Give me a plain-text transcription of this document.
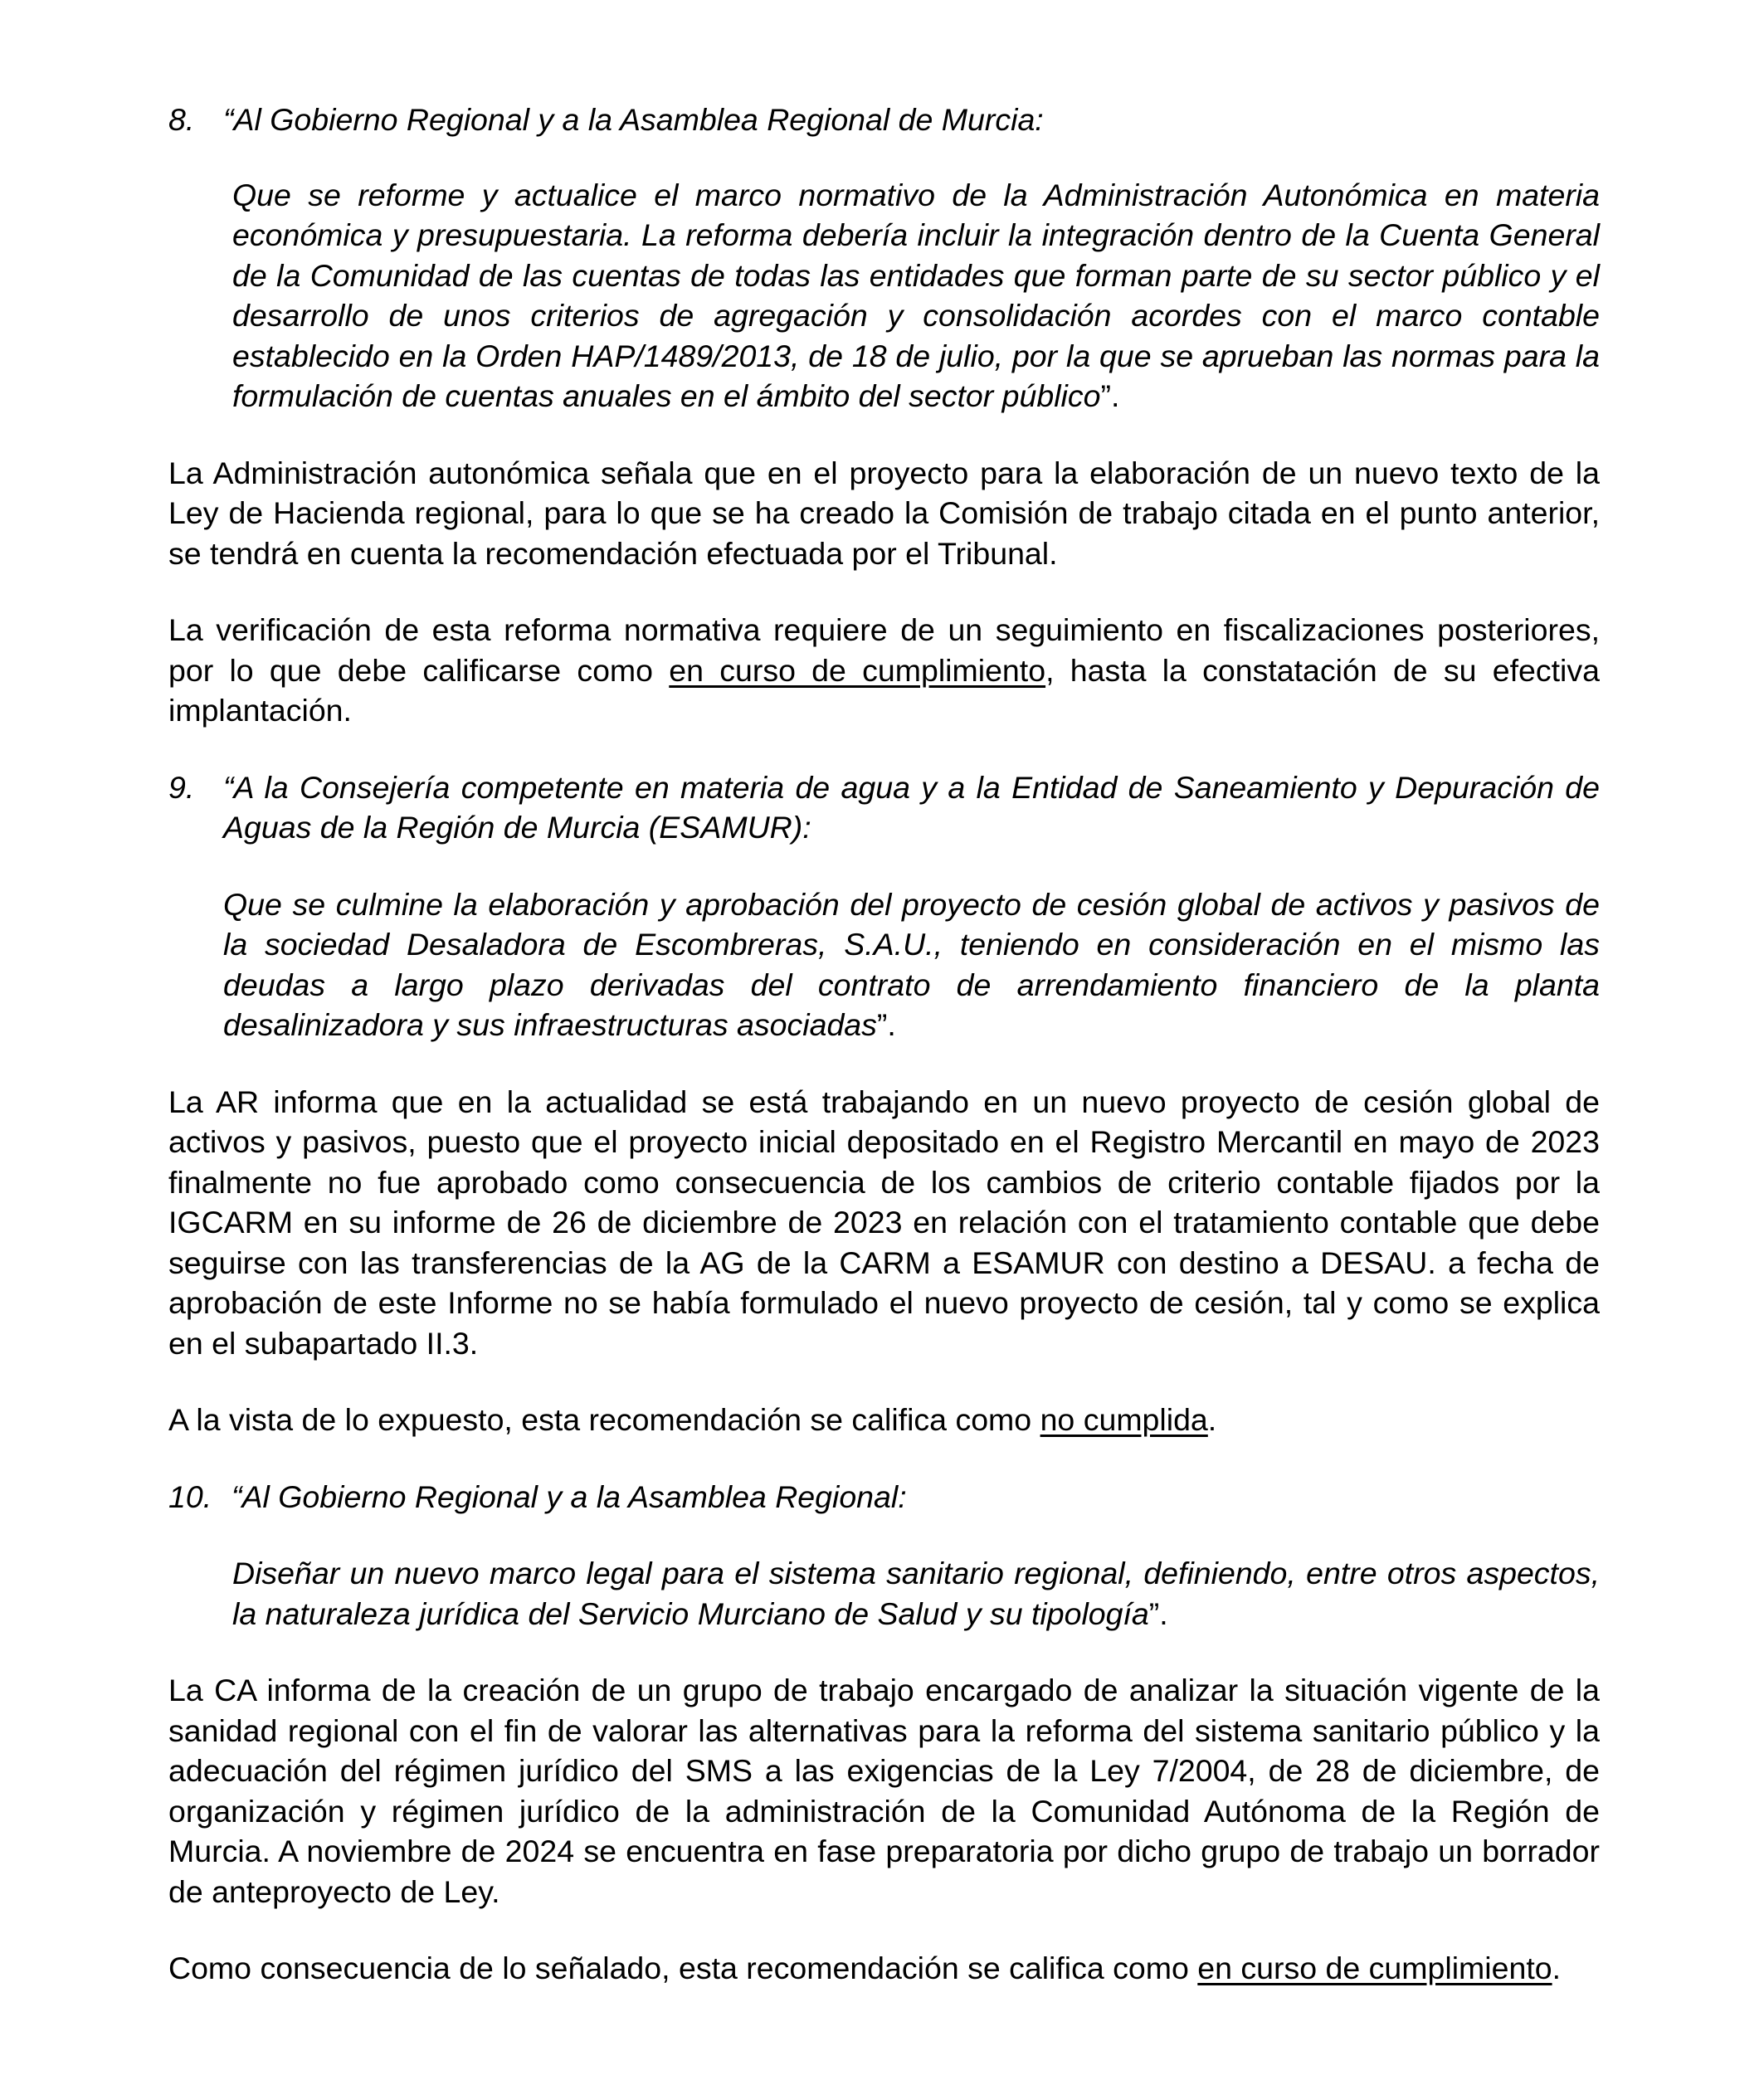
8. “Al Gobierno Regional y a la Asamblea Regional de Murcia:

Que se reforme y actualice el marco normativo de la Administración Autonómica en materia económica y presupuestaria. La reforma debería incluir la integración dentro de la Cuenta General de la Comunidad de las cuentas de todas las entidades que forman parte de su sector público y el desarrollo de unos criterios de agregación y consolidación acordes con el marco contable establecido en la Orden HAP/1489/2013, de 18 de julio, por la que se aprueban las normas para la formulación de cuentas anuales en el ámbito del sector público”.

La Administración autonómica señala que en el proyecto para la elaboración de un nuevo texto de la Ley de Hacienda regional, para lo que se ha creado la Comisión de trabajo citada en el punto anterior, se tendrá en cuenta la recomendación efectuada por el Tribunal.

La verificación de esta reforma normativa requiere de un seguimiento en fiscalizaciones posteriores, por lo que debe calificarse como en curso de cumplimiento, hasta la constatación de su efectiva implantación.

9. “A la Consejería competente en materia de agua y a la Entidad de Saneamiento y Depuración de Aguas de la Región de Murcia (ESAMUR):

Que se culmine la elaboración y aprobación del proyecto de cesión global de activos y pasivos de la sociedad Desaladora de Escombreras, S.A.U., teniendo en consideración en el mismo las deudas a largo plazo derivadas del contrato de arrendamiento financiero de la planta desalinizadora y sus infraestructuras asociadas”.

La AR informa que en la actualidad se está trabajando en un nuevo proyecto de cesión global de activos y pasivos, puesto que el proyecto inicial depositado en el Registro Mercantil en mayo de 2023 finalmente no fue aprobado como consecuencia de los cambios de criterio contable fijados por la IGCARM en su informe de 26 de diciembre de 2023 en relación con el tratamiento contable que debe seguirse con las transferencias de la AG de la CARM a ESAMUR con destino a DESAU. a fecha de aprobación de este Informe no se había formulado el nuevo proyecto de cesión, tal y como se explica en el subapartado II.3.

A la vista de lo expuesto, esta recomendación se califica como no cumplida.

10. “Al Gobierno Regional y a la Asamblea Regional:

Diseñar un nuevo marco legal para el sistema sanitario regional, definiendo, entre otros aspectos, la naturaleza jurídica del Servicio Murciano de Salud y su tipología”.

La CA informa de la creación de un grupo de trabajo encargado de analizar la situación vigente de la sanidad regional con el fin de valorar las alternativas para la reforma del sistema sanitario público y la adecuación del régimen jurídico del SMS a las exigencias de la Ley 7/2004, de 28 de diciembre, de organización y régimen jurídico de la administración de la Comunidad Autónoma de la Región de Murcia. A noviembre de 2024 se encuentra en fase preparatoria por dicho grupo de trabajo un borrador de anteproyecto de Ley.

Como consecuencia de lo señalado, esta recomendación se califica como en curso de cumplimiento.
